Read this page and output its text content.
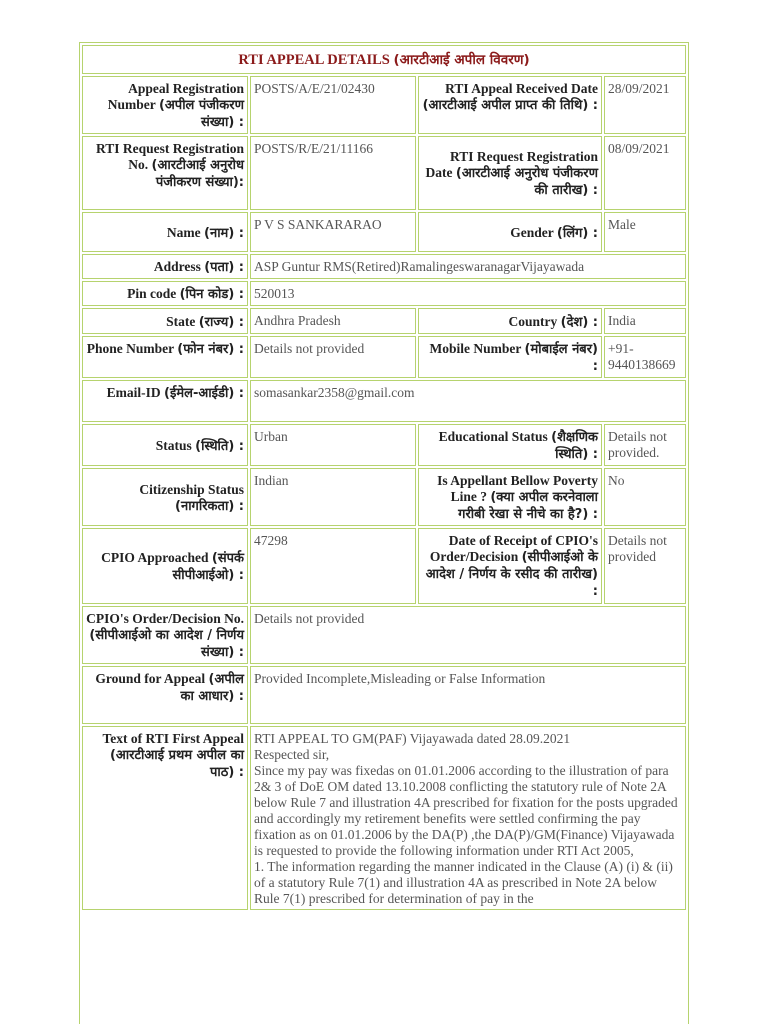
RTI APPEAL DETAILS (आरटीआई अपील विवरण)
Appeal Registration Number (अपील पंजीकरण संख्या) :	POSTS/A/E/21/02430	RTI Appeal Received Date (आरटीआई अपील प्राप्त की तिथि) :	28/09/2021
RTI Request Registration No. (आरटीआई अनुरोध पंजीकरण संख्या):	POSTS/R/E/21/11166	RTI Request Registration Date (आरटीआई अनुरोध पंजीकरण की तारीख) :	08/09/2021
Name (नाम) :	P V S SANKARARAO	Gender (लिंग) :	Male
Address (पता) :	ASP Guntur RMS(Retired)RamalingeswaranagarVijayawada		
Pin code (पिन कोड) :	520013		
State (राज्य) :	Andhra Pradesh	Country (देश) :	India
Phone Number (फोन नंबर) :	Details not provided	Mobile Number (मोबाईल नंबर) :	+91-9440138669
Email-ID (ईमेल-आईडी) :	somasankar2358@gmail.com		
Status (स्थिति) :	Urban	Educational Status (शैक्षणिक स्थिति) :	Details not provided.
Citizenship Status (नागरिकता) :	Indian	Is Appellant Bellow Poverty Line ? (क्या अपील करनेवाला गरीबी रेखा से नीचे का है?) :	No
CPIO Approached (संपर्क सीपीआईओ) :	47298	Date of Receipt of CPIO's Order/Decision (सीपीआईओ के आदेश / निर्णय के रसीद की तारीख) :	Details not provided
CPIO's Order/Decision No. (सीपीआईओ का आदेश / निर्णय संख्या) :	Details not provided		
Ground for Appeal (अपील का आधार) :	Provided Incomplete,Misleading or False Information		
Text of RTI First Appeal (आरटीआई प्रथम अपील का पाठ) :	RTI APPEAL TO GM(PAF) Vijayawada dated 28.09.2021

Respected sir,

Since my pay was fixedas on 01.01.2006 according to the illustration of para 2& 3 of DoE OM dated 13.10.2008 conflicting the statutory rule of Note 2A below Rule 7 and illustration 4A prescribed for fixation for the posts upgraded and accordingly my retirement benefits were settled confirming the pay fixation as on 01.01.2006 by the DA(P) ,the DA(P)/GM(Finance) Vijayawada is requested to provide the following information under RTI Act 2005,

1. The information regarding the manner indicated in the Clause (A) (i) & (ii) of a statutory Rule 7(1) and illustration 4A as prescribed in Note 2A below Rule 7(1) prescribed for determination of pay in the		
